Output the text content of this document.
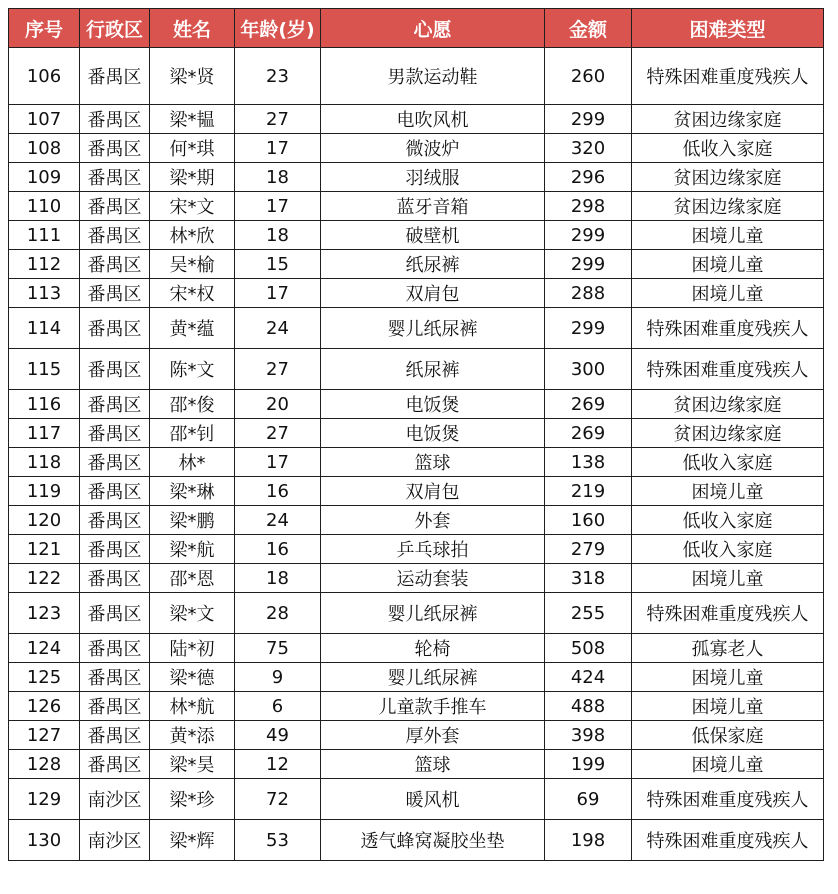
序号	行政区	姓名	年龄(岁)	心愿	金额	困难类型
106	番禺区	梁*贤	23	男款运动鞋	260	特殊困难重度残疾人
107	番禺区	梁*韫	27	电吹风机	299	贫困边缘家庭
108	番禺区	何*琪	17	微波炉	320	低收入家庭
109	番禺区	梁*期	18	羽绒服	296	贫困边缘家庭
110	番禺区	宋*文	17	蓝牙音箱	298	贫困边缘家庭
111	番禺区	林*欣	18	破壁机	299	困境儿童
112	番禺区	吴*榆	15	纸尿裤	299	困境儿童
113	番禺区	宋*权	17	双肩包	288	困境儿童
114	番禺区	黄*蕴	24	婴儿纸尿裤	299	特殊困难重度残疾人
115	番禺区	陈*文	27	纸尿裤	300	特殊困难重度残疾人
116	番禺区	邵*俊	20	电饭煲	269	贫困边缘家庭
117	番禺区	邵*钊	27	电饭煲	269	贫困边缘家庭
118	番禺区	林*	17	篮球	138	低收入家庭
119	番禺区	梁*琳	16	双肩包	219	困境儿童
120	番禺区	梁*鹏	24	外套	160	低收入家庭
121	番禺区	梁*航	16	乒乓球拍	279	低收入家庭
122	番禺区	邵*恩	18	运动套装	318	困境儿童
123	番禺区	梁*文	28	婴儿纸尿裤	255	特殊困难重度残疾人
124	番禺区	陆*初	75	轮椅	508	孤寡老人
125	番禺区	梁*德	9	婴儿纸尿裤	424	困境儿童
126	番禺区	林*航	6	儿童款手推车	488	困境儿童
127	番禺区	黄*添	49	厚外套	398	低保家庭
128	番禺区	梁*昊	12	篮球	199	困境儿童
129	南沙区	梁*珍	72	暖风机	69	特殊困难重度残疾人
130	南沙区	梁*辉	53	透气蜂窝凝胶坐垫	198	特殊困难重度残疾人
